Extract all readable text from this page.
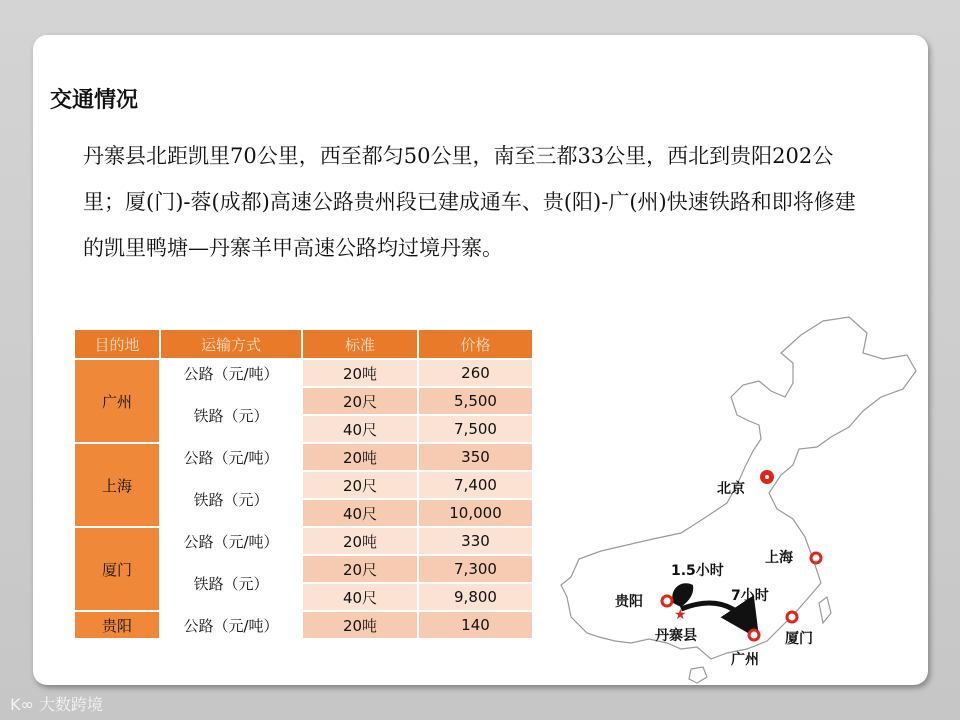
交通情况
丹寨县北距凯里70公里，西至都匀50公里，南至三都33公里，西北到贵阳202公里；厦(门)-蓉(成都)高速公路贵州段已建成通车、贵(阳)-广(州)快速铁路和即将修建的凯里鸭塘—丹寨羊甲高速公路均过境丹寨。
目的地	运输方式	标准	价格
广州	公路（元/吨）	20吨	260
	铁路（元）	20尺	5,500
		40尺	7,500
上海	公路（元/吨）	20吨	350
	铁路（元）	20尺	7,400
		40尺	10,000
厦门	公路（元/吨）	20吨	330
	铁路（元）	20尺	7,300
		40尺	9,800
贵阳	公路（元/吨）	20吨	140
★
北京
上海
贵阳
丹寨县
广州
厦门
1.5小时
7小时
K∞ 大数跨境
